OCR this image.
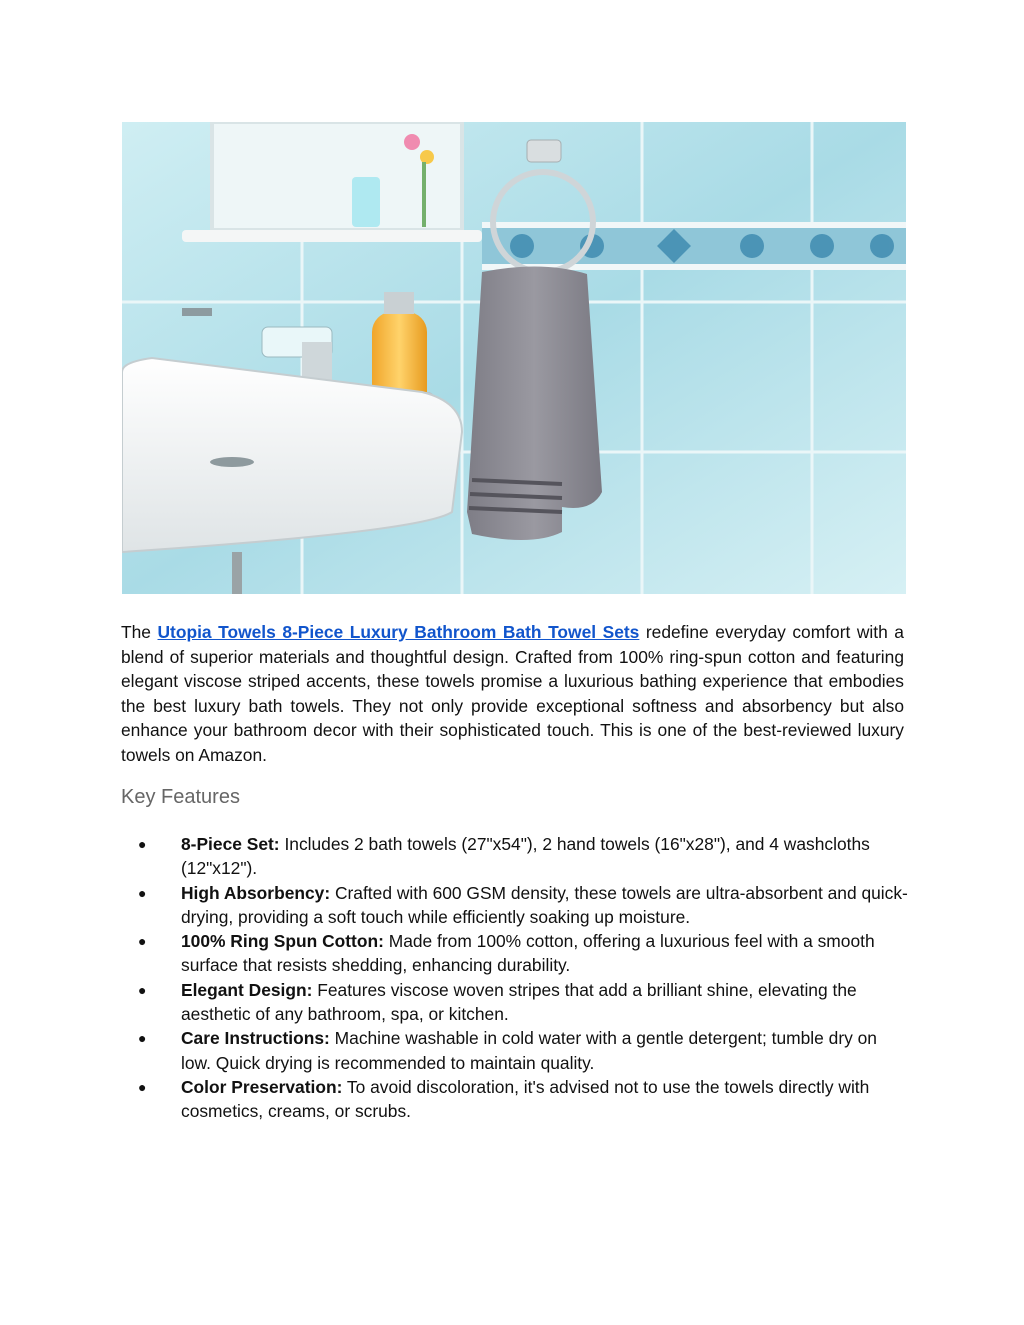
The Utopia Towels 8-Piece Luxury Bathroom Bath Towel Sets redefine everyday comfort with a blend of superior materials and thoughtful design. Crafted from 100% ring-spun cotton and featuring elegant viscose striped accents, these towels promise a luxurious bathing experience that embodies the best luxury bath towels. They not only provide exceptional softness and absorbency but also enhance your bathroom decor with their sophisticated touch. This is one of the best-reviewed luxury towels on Amazon.

Key Features
● 8-Piece Set: Includes 2 bath towels (27"x54"), 2 hand towels (16"x28"), and 4 washcloths (12"x12").
● High Absorbency: Crafted with 600 GSM density, these towels are ultra-absorbent and quick-drying, providing a soft touch while efficiently soaking up moisture.
● 100% Ring Spun Cotton: Made from 100% cotton, offering a luxurious feel with a smooth surface that resists shedding, enhancing durability.
● Elegant Design: Features viscose woven stripes that add a brilliant shine, elevating the aesthetic of any bathroom, spa, or kitchen.
● Care Instructions: Machine washable in cold water with a gentle detergent; tumble dry on low. Quick drying is recommended to maintain quality.
● Color Preservation: To avoid discoloration, it's advised not to use the towels directly with cosmetics, creams, or scrubs.
